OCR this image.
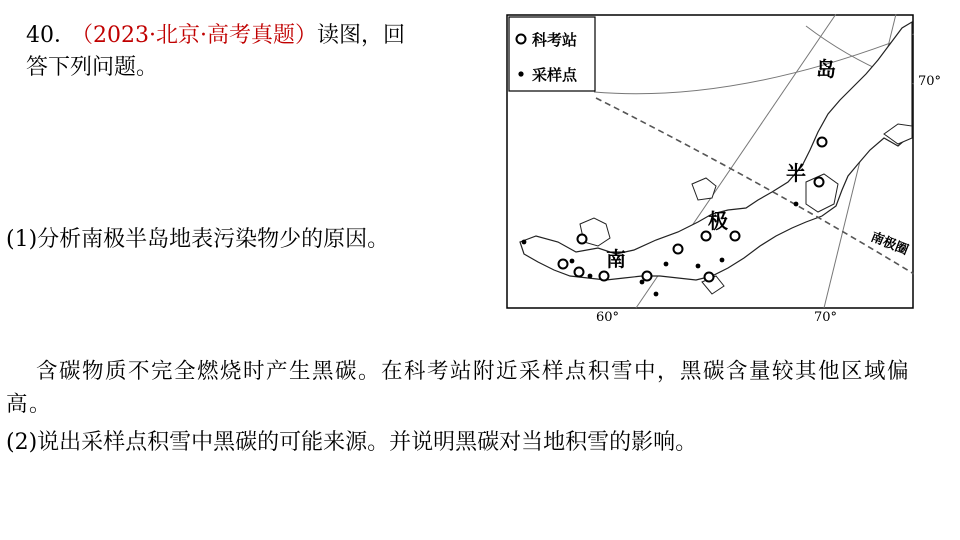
40． （2023·北京·高考真题）读图，回答下列问题。
(1)分析南极半岛地表污染物少的原因。
含碳物质不完全燃烧时产生黑碳。在科考站附近采样点积雪中，黑碳含量较其他区域偏高。
(2)说出采样点积雪中黑碳的可能来源。并说明黑碳对当地积雪的影响。
科考站
采样点	岛
半
极
南
南极圈
70°
60°	70°
